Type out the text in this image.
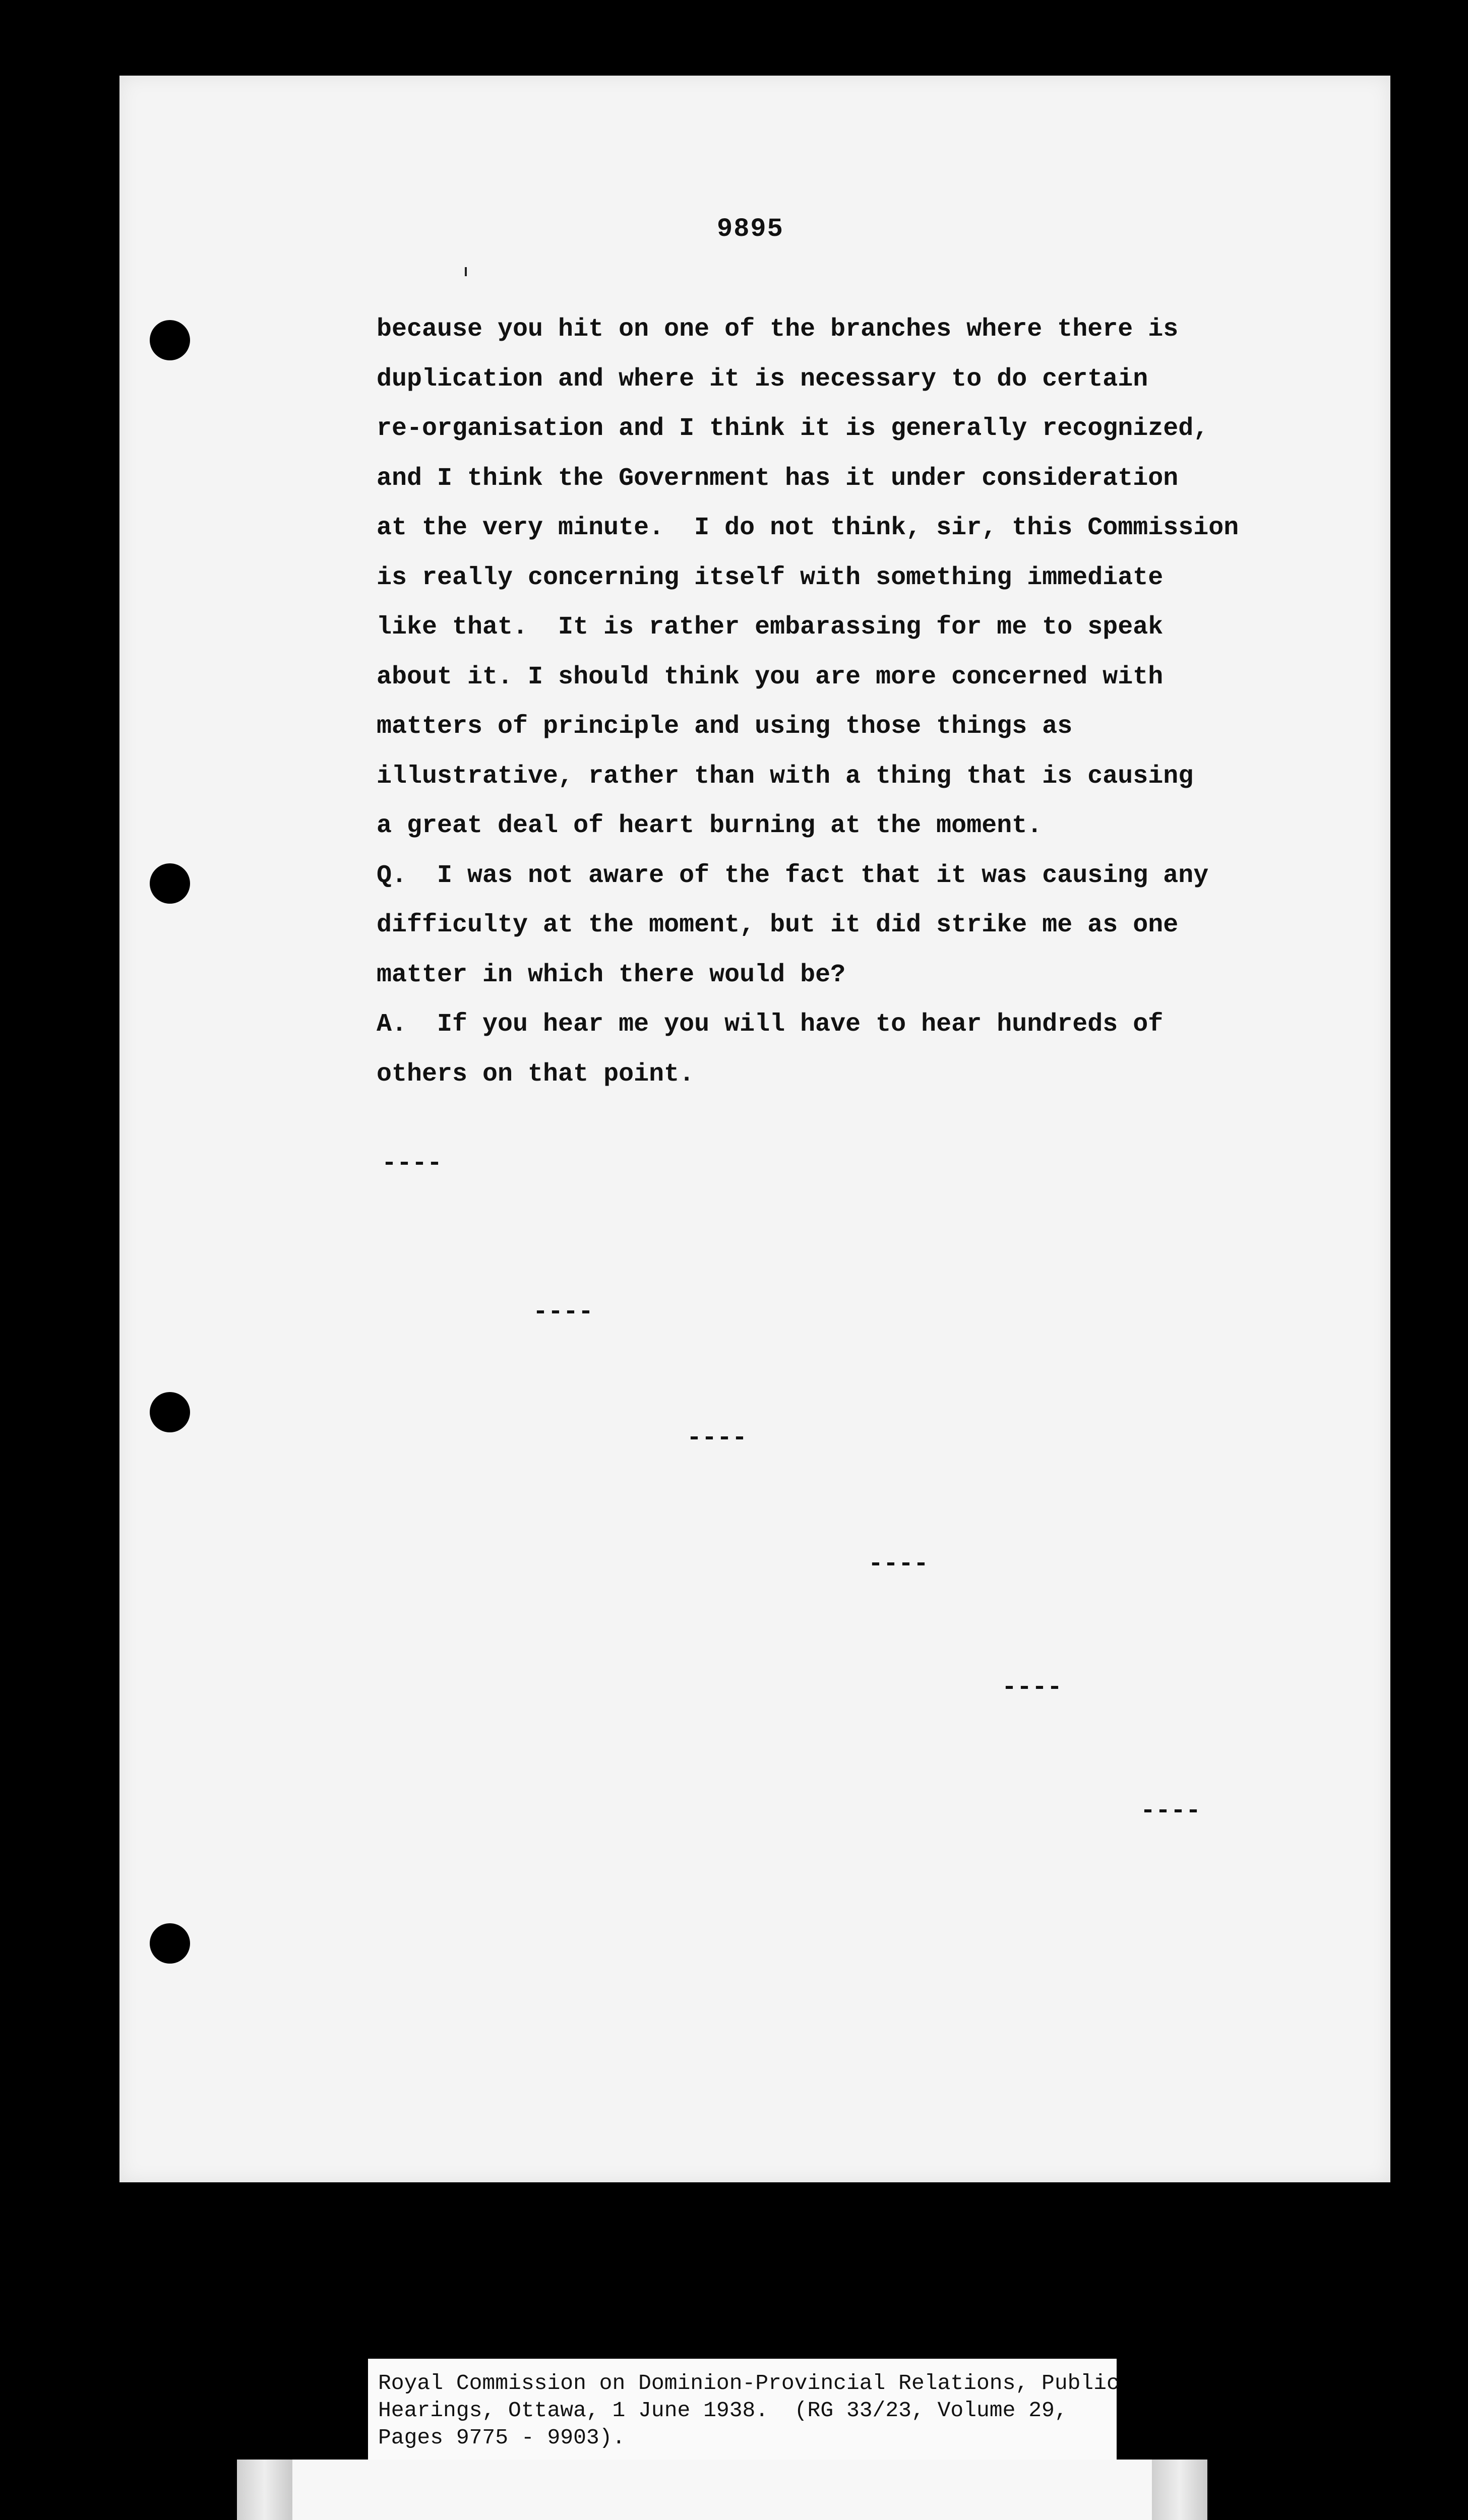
9895
because you hit on one of the branches where there is
duplication and where it is necessary to do certain
re-organisation and I think it is generally recognized,
and I think the Government has it under consideration
at the very minute.  I do not think, sir, this Commission
is really concerning itself with something immediate
like that.  It is rather embarassing for me to speak
about it. I should think you are more concerned with
matters of principle and using those things as
illustrative, rather than with a thing that is causing
a great deal of heart burning at the moment.
Q.  I was not aware of the fact that it was causing any
difficulty at the moment, but it did strike me as one
matter in which there would be?
A.  If you hear me you will have to hear hundreds of
others on that point.
----
----
----
----
----
----
Royal Commission on Dominion-Provincial Relations, Public
Hearings, Ottawa, 1 June 1938.  (RG 33/23, Volume 29,
Pages 9775 - 9903).
